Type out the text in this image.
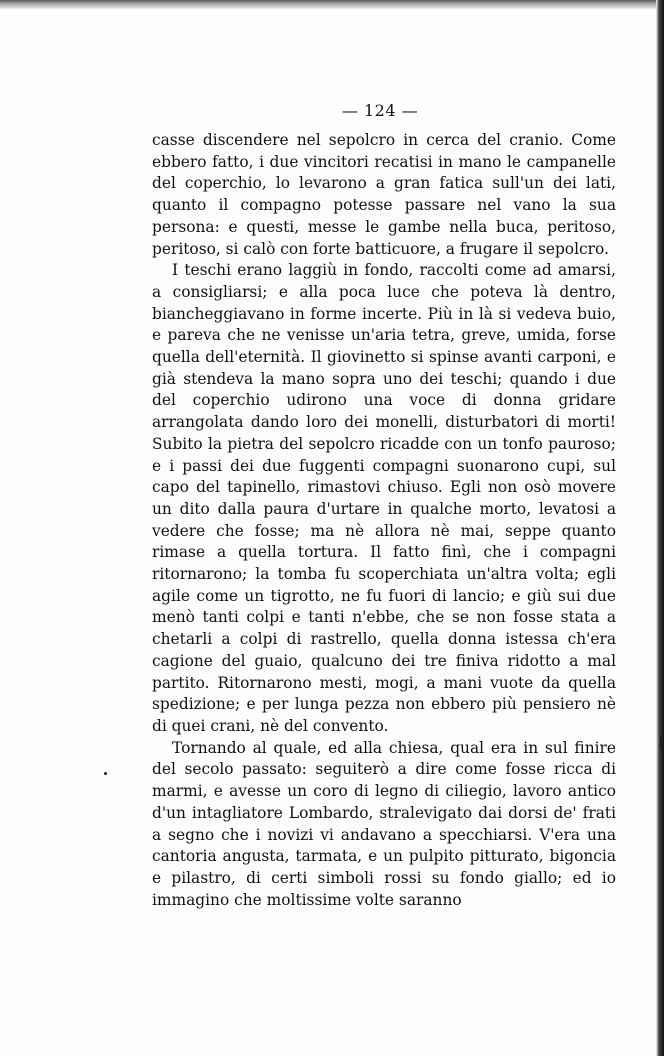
— 124 —

casse discendere nel sepolcro in cerca del cranio. Come ebbero fatto, i due vincitori recatisi in mano le campanelle del coperchio, lo levarono a gran fatica sull'un dei lati, quanto il compagno potesse passare nel vano la sua persona: e questi, messe le gambe nella buca, peritoso, peritoso, si calò con forte batticuore, a frugare il sepolcro.

I teschi erano laggiù in fondo, raccolti come ad amarsi, a consigliarsi; e alla poca luce che poteva là dentro, biancheggiavano in forme incerte. Più in là si vedeva buio, e pareva che ne venisse un'aria tetra, greve, umida, forse quella dell'eternità. Il giovinetto si spinse avanti carponi, e già stendeva la mano sopra uno dei teschi; quando i due del coperchio udirono una voce di donna gridare arrangolata dando loro dei monelli, disturbatori di morti! Subito la pietra del sepolcro ricadde con un tonfo pauroso; e i passi dei due fuggenti compagni suonarono cupi, sul capo del tapinello, rimastovi chiuso. Egli non osò movere un dito dalla paura d'urtare in qualche morto, levatosi a vedere che fosse; ma nè allora nè mai, seppe quanto rimase a quella tortura. Il fatto finì, che i compagni ritornarono; la tomba fu scoperchiata un'altra volta; egli agile come un tigrotto, ne fu fuori di lancio; e giù sui due menò tanti colpi e tanti n'ebbe, che se non fosse stata a chetarli a colpi di rastrello, quella donna istessa ch'era cagione del guaio, qualcuno dei tre finiva ridotto a mal partito. Ritornarono mesti, mogi, a mani vuote da quella spedizione; e per lunga pezza non ebbero più pensiero nè di quei crani, nè del convento.

Tornando al quale, ed alla chiesa, qual era in sul finire del secolo passato: seguiterò a dire come fosse ricca di marmi, e avesse un coro di legno di ciliegio, lavoro antico d'un intagliatore Lombardo, stralevigato dai dorsi de' frati a segno che i novizi vi andavano a specchiarsi. V'era una cantoria angusta, tarmata, e un pulpito pitturato, bigoncia e pilastro, di certi simboli rossi su fondo giallo; ed io immagino che moltissime volte saranno
